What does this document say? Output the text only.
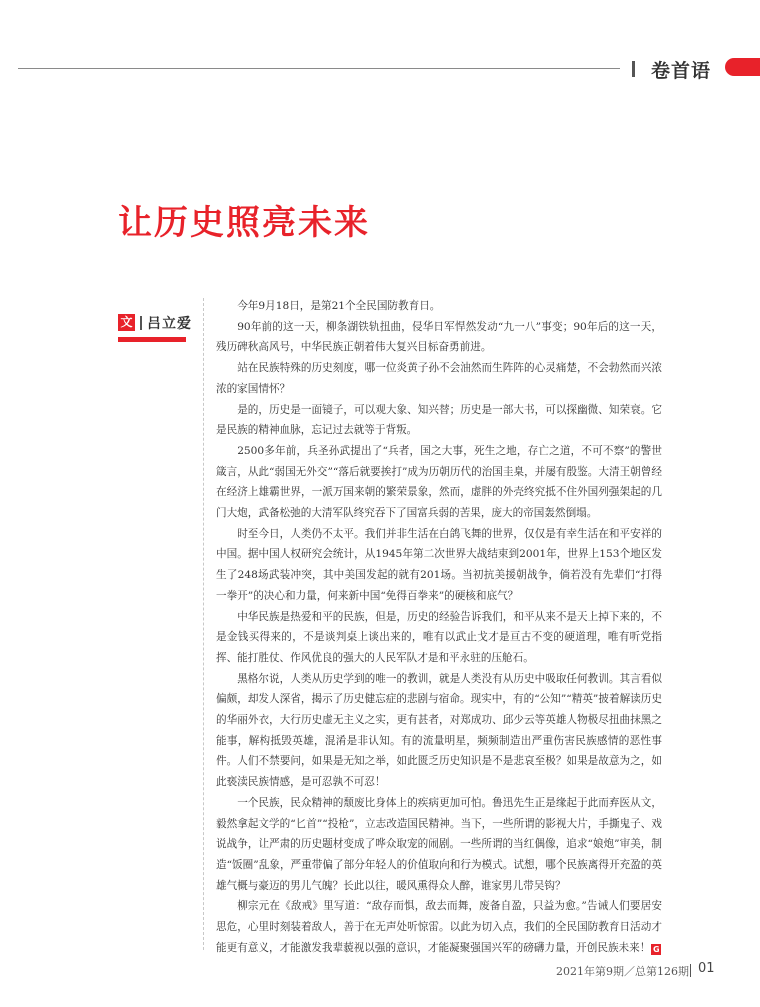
卷首语
让历史照亮未来
文 吕立爱

今年9月18日，是第21个全民国防教育日。

90年前的这一天，柳条湖铁轨扭曲，侵华日军悍然发动“九一八”事变；90年后的这一天，残历碑秋高风号，中华民族正朝着伟大复兴目标奋勇前进。

站在民族特殊的历史刻度，哪一位炎黄子孙不会油然而生阵阵的心灵痛楚，不会勃然而兴浓浓的家国情怀？

是的，历史是一面镜子，可以观大象、知兴替；历史是一部大书，可以探幽微、知荣衰。它是民族的精神血脉，忘记过去就等于背叛。

2500多年前，兵圣孙武提出了“兵者，国之大事，死生之地，存亡之道，不可不察”的警世箴言，从此“弱国无外交”“落后就要挨打”成为历朝历代的治国圭臬，并屡有殷鉴。大清王朝曾经在经济上雄霸世界，一派万国来朝的繁荣景象，然而，虚胖的外壳终究抵不住外国列强架起的几门大炮，武备松弛的大清军队终究吞下了国富兵弱的苦果，庞大的帝国轰然倒塌。

时至今日，人类仍不太平。我们并非生活在白鸽飞舞的世界，仅仅是有幸生活在和平安祥的中国。据中国人权研究会统计，从1945年第二次世界大战结束到2001年，世界上153个地区发生了248场武装冲突，其中美国发起的就有201场。当初抗美援朝战争，倘若没有先辈们“打得一拳开”的决心和力量，何来新中国“免得百拳来”的硬核和底气？

中华民族是热爱和平的民族，但是，历史的经验告诉我们，和平从来不是天上掉下来的，不是金钱买得来的，不是谈判桌上谈出来的，唯有以武止戈才是亘古不变的硬道理，唯有听党指挥、能打胜仗、作风优良的强大的人民军队才是和平永驻的压舱石。

黑格尔说，人类从历史学到的唯一的教训，就是人类没有从历史中吸取任何教训。其言看似偏颇，却发人深省，揭示了历史健忘症的悲剧与宿命。现实中，有的“公知”“精英”披着解读历史的华丽外衣，大行历史虚无主义之实，更有甚者，对郑成功、邱少云等英雄人物极尽扭曲抹黑之能事，解构抵毁英雄，混淆是非认知。有的流量明星，频频制造出严重伤害民族感情的恶性事件。人们不禁要问，如果是无知之举，如此匮乏历史知识是不是悲哀至极？如果是故意为之，如此亵渎民族情感，是可忍孰不可忍！

一个民族，民众精神的颓废比身体上的疾病更加可怕。鲁迅先生正是缘起于此而弃医从文，毅然拿起文学的“匕首”“投枪”，立志改造国民精神。当下，一些所谓的影视大片，手撕鬼子、戏说战争，让严肃的历史题材变成了哗众取宠的闹剧。一些所谓的当红偶像，追求“娘炮”审美，制造“饭圈”乱象，严重带偏了部分年轻人的价值取向和行为模式。试想，哪个民族离得开充盈的英雄气概与豪迈的男儿气魄？长此以往，暖风熏得众人醉，谁家男儿带吴钩？

柳宗元在《敌戒》里写道：“敌存而惧，敌去而舞，废备自盈，只益为愈。”告诫人们要居安思危，心里时刻装着敌人，善于在无声处听惊雷。以此为切入点，我们的全民国防教育日活动才能更有意义，才能激发我辈藐视以强的意识，才能凝聚强国兴军的磅礴力量，开创民族未来！ G

2021年第9期／总第126期 01
